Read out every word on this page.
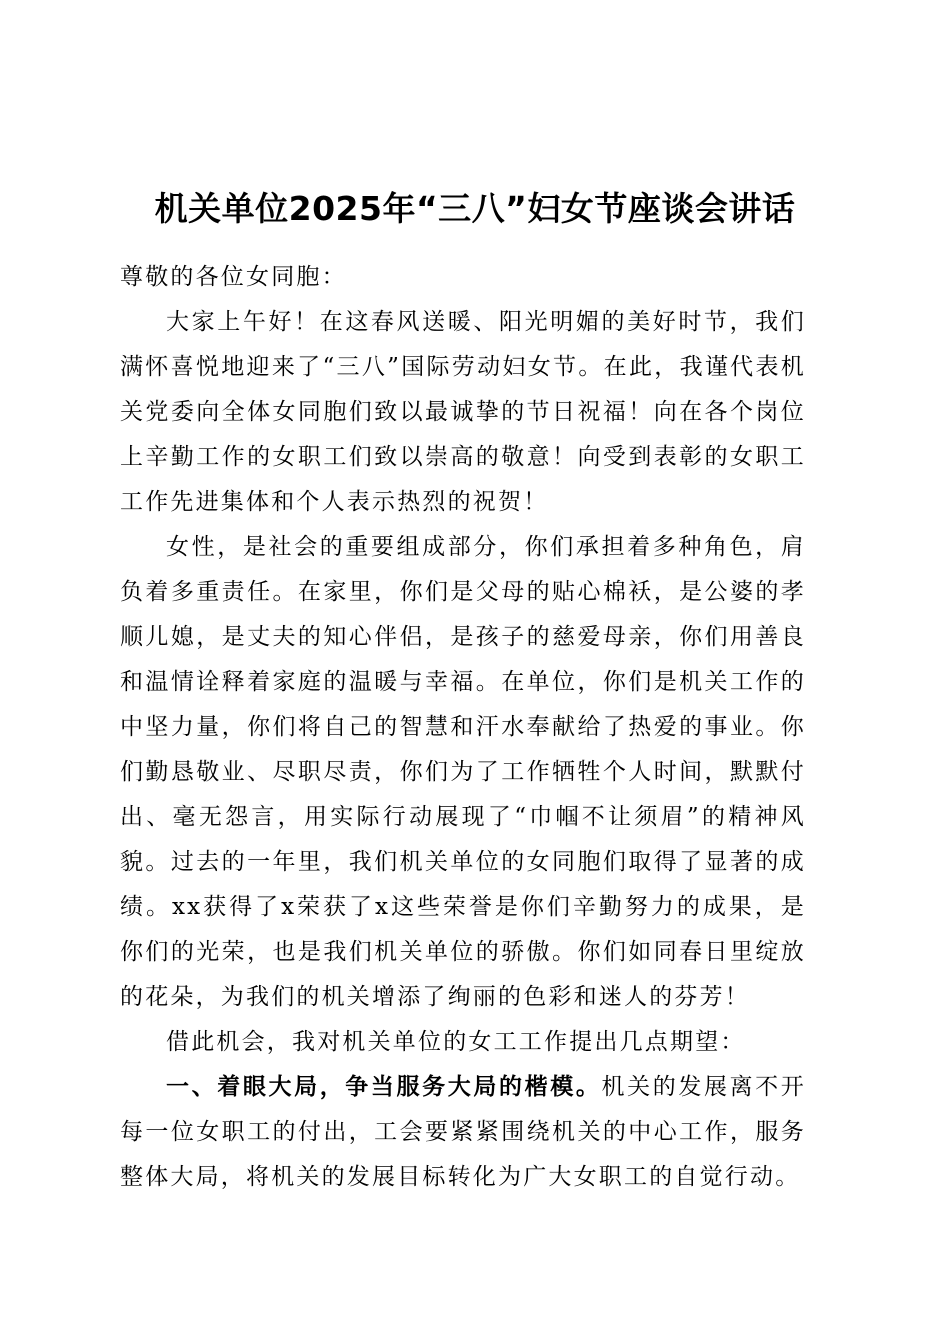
机关单位2025年“三八”妇女节座谈会讲话

尊敬的各位女同胞：

大家上午好！在这春风送暖、阳光明媚的美好时节，我们满怀喜悦地迎来了“三八”国际劳动妇女节。在此，我谨代表机关党委向全体女同胞们致以最诚挚的节日祝福！向在各个岗位上辛勤工作的女职工们致以崇高的敬意！向受到表彰的女职工工作先进集体和个人表示热烈的祝贺！

女性，是社会的重要组成部分，你们承担着多种角色，肩负着多重责任。在家里，你们是父母的贴心棉袄，是公婆的孝顺儿媳，是丈夫的知心伴侣，是孩子的慈爱母亲，你们用善良和温情诠释着家庭的温暖与幸福。在单位，你们是机关工作的中坚力量，你们将自己的智慧和汗水奉献给了热爱的事业。你们勤恳敬业、尽职尽责，你们为了工作牺牲个人时间，默默付出、毫无怨言，用实际行动展现了“巾帼不让须眉”的精神风貌。过去的一年里，我们机关单位的女同胞们取得了显著的成绩。xx获得了x荣获了x这些荣誉是你们辛勤努力的成果，是你们的光荣，也是我们机关单位的骄傲。你们如同春日里绽放的花朵，为我们的机关增添了绚丽的色彩和迷人的芬芳！

借此机会，我对机关单位的女工工作提出几点期望：

一、着眼大局，争当服务大局的楷模。机关的发展离不开每一位女职工的付出，工会要紧紧围绕机关的中心工作，服务整体大局，将机关的发展目标转化为广大女职工的自觉行动。
